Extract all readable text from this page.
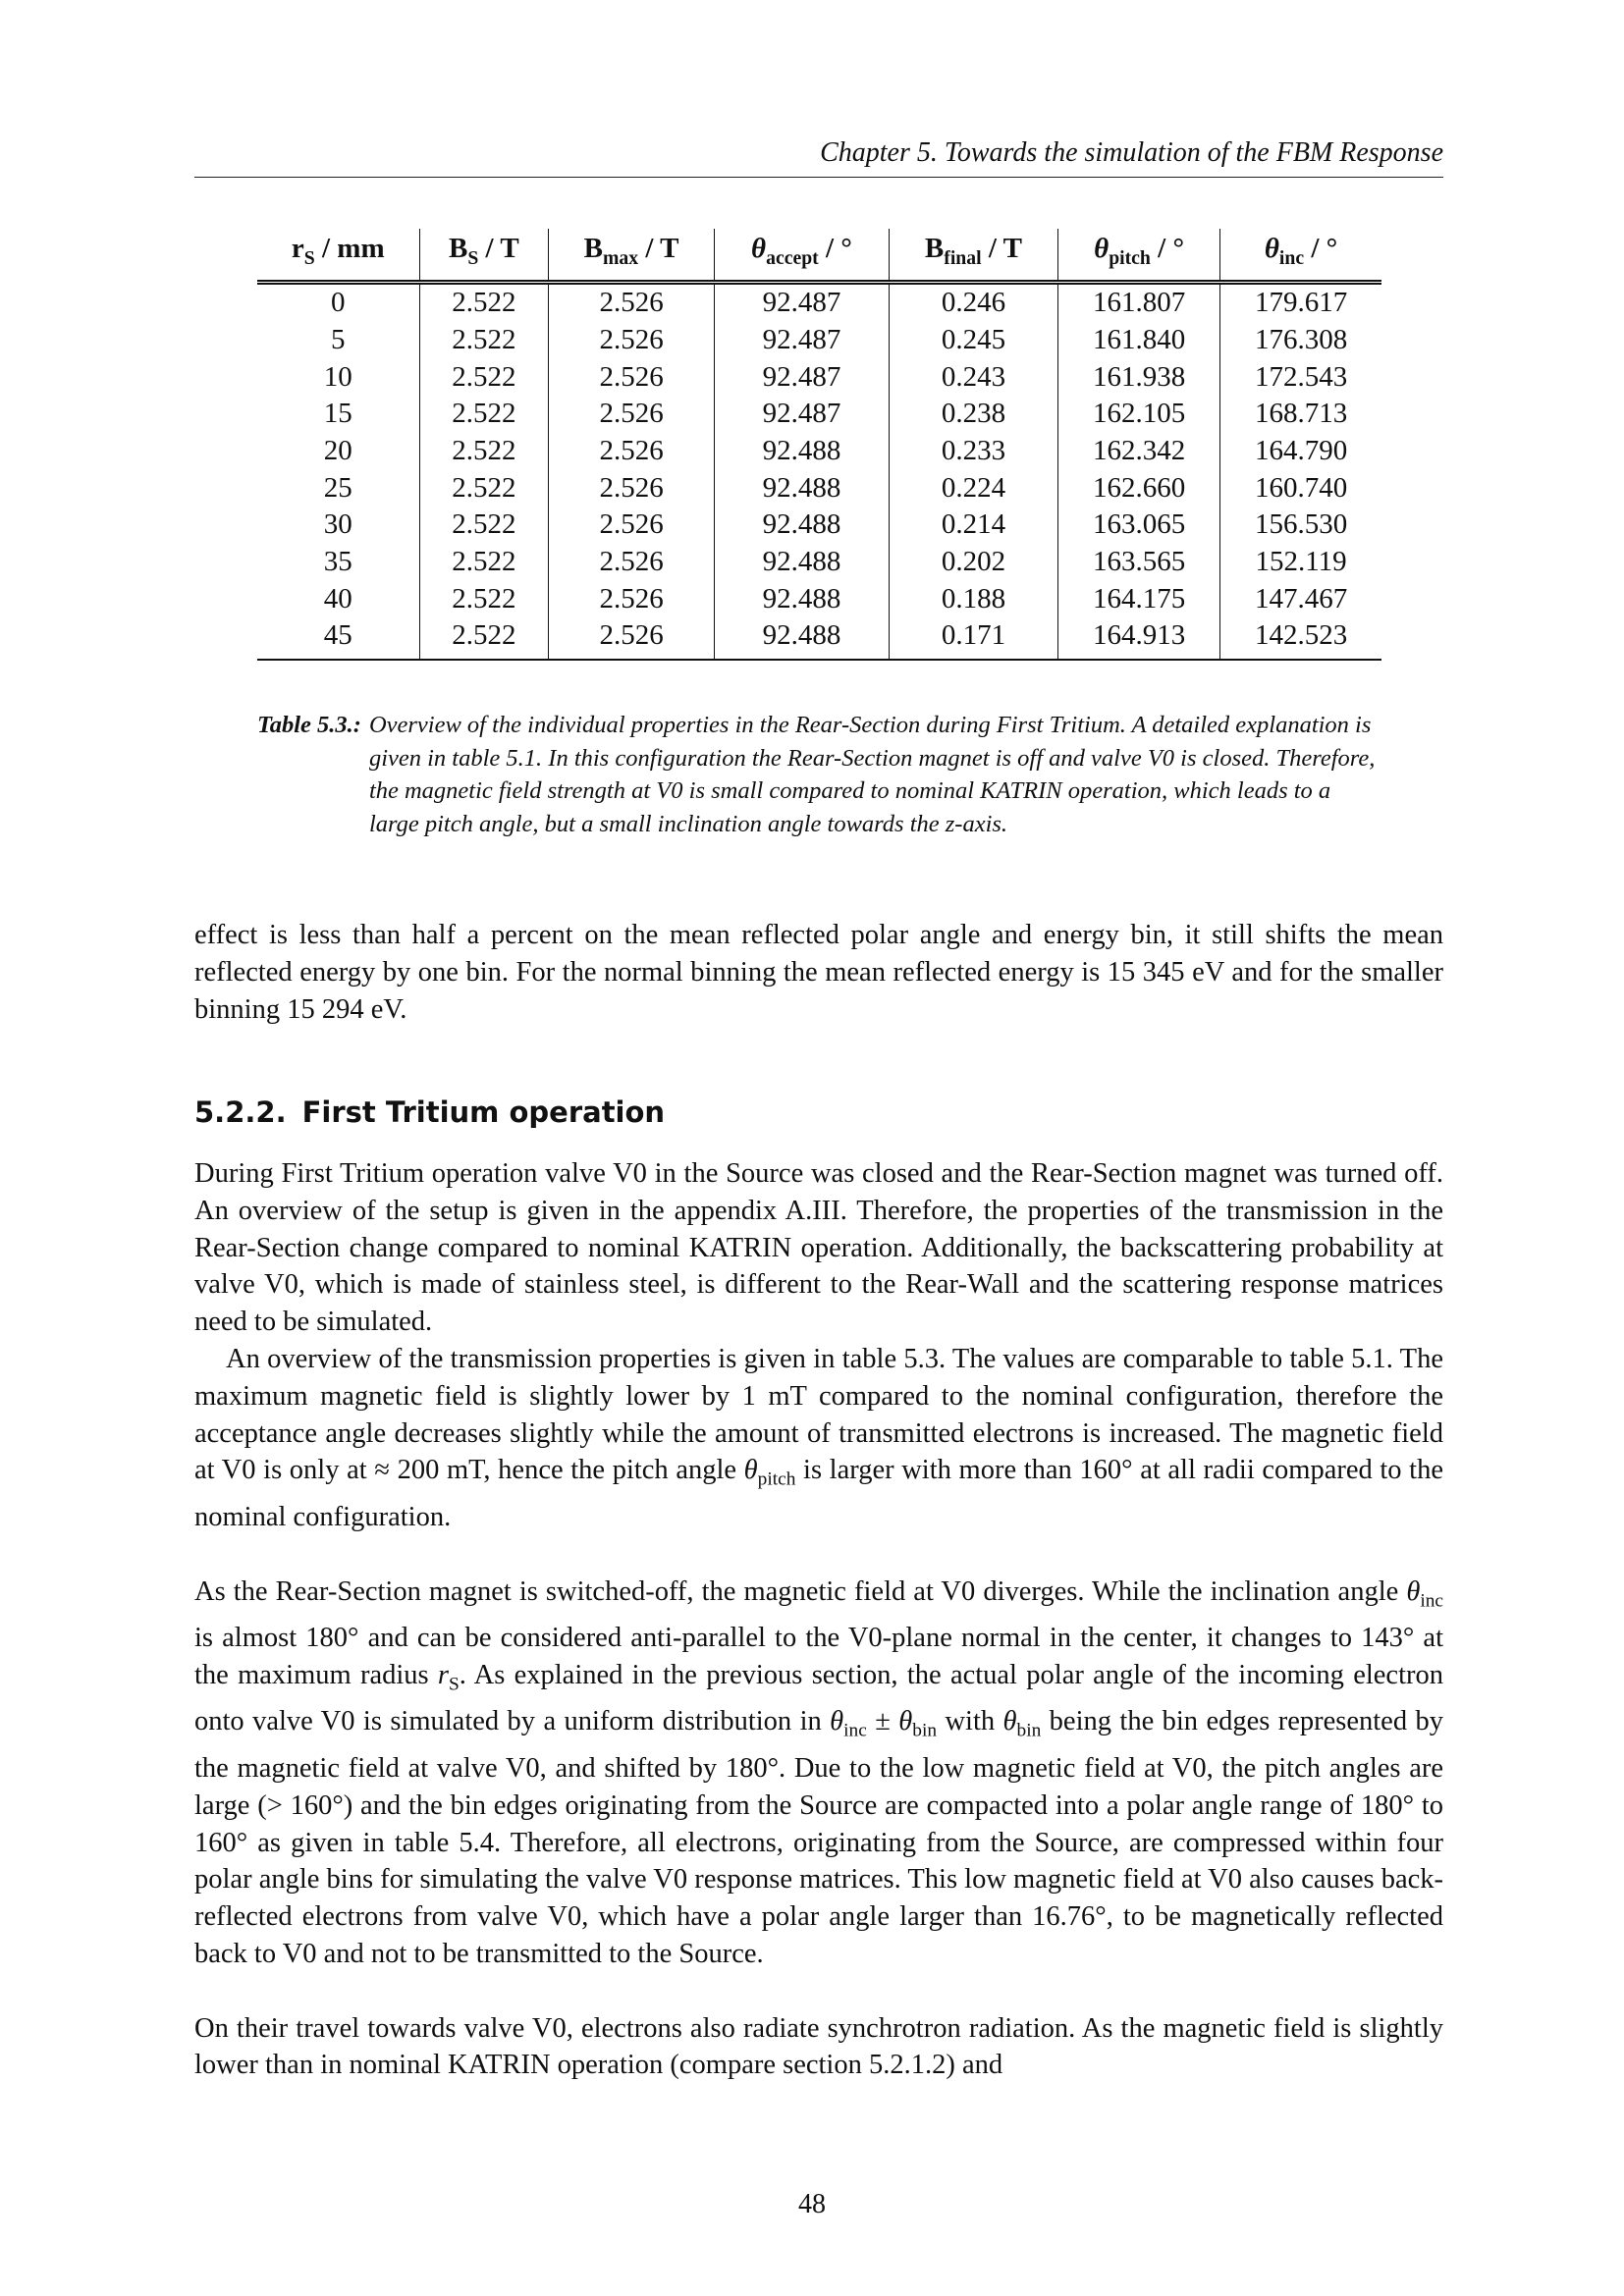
Chapter 5. Towards the simulation of the FBM Response
$r_S$ / mm	$B_S$ / T	$B_{max}$ / T	$\theta_{accept}$ / °	$B_{final}$ / T	$\theta_{pitch}$ / °	$\theta_{inc}$ / °
0	2.522	2.526	92.487	0.246	161.807	179.617
5	2.522	2.526	92.487	0.245	161.840	176.308
10	2.522	2.526	92.487	0.243	161.938	172.543
15	2.522	2.526	92.487	0.238	162.105	168.713
20	2.522	2.526	92.488	0.233	162.342	164.790
25	2.522	2.526	92.488	0.224	162.660	160.740
30	2.522	2.526	92.488	0.214	163.065	156.530
35	2.522	2.526	92.488	0.202	163.565	152.119
40	2.522	2.526	92.488	0.188	164.175	147.467
45	2.522	2.526	92.488	0.171	164.913	142.523
Table 5.3.: Overview of the individual properties in the Rear-Section during First Tritium. A detailed explanation is given in table 5.1. In this configuration the Rear-Section magnet is off and valve V0 is closed. Therefore, the magnetic field strength at V0 is small compared to nominal KATRIN operation, which leads to a large pitch angle, but a small inclination angle towards the z-axis.

effect is less than half a percent on the mean reflected polar angle and energy bin, it still shifts the mean reflected energy by one bin. For the normal binning the mean reflected energy is 15 345 eV and for the smaller binning 15 294 eV.

5.2.2. First Tritium operation

During First Tritium operation valve V0 in the Source was closed and the Rear-Section magnet was turned off. An overview of the setup is given in the appendix A.III. Therefore, the properties of the transmission in the Rear-Section change compared to nominal KATRIN operation. Additionally, the backscattering probability at valve V0, which is made of stainless steel, is different to the Rear-Wall and the scattering response matrices need to be simulated.

An overview of the transmission properties is given in table 5.3. The values are comparable to table 5.1. The maximum magnetic field is slightly lower by 1 mT compared to the nominal configuration, therefore the acceptance angle decreases slightly while the amount of transmitted electrons is increased. The magnetic field at V0 is only at ≈ 200 mT, hence the pitch angle $\theta_{pitch}$ is larger with more than 160° at all radii compared to the nominal configuration.

As the Rear-Section magnet is switched-off, the magnetic field at V0 diverges. While the inclination angle $\theta_{inc}$ is almost 180° and can be considered anti-parallel to the V0-plane normal in the center, it changes to 143° at the maximum radius $r_S$. As explained in the previous section, the actual polar angle of the incoming electron onto valve V0 is simulated by a uniform distribution in $\theta_{inc} \pm \theta_{bin}$ with $\theta_{bin}$ being the bin edges represented by the magnetic field at valve V0, and shifted by 180°. Due to the low magnetic field at V0, the pitch angles are large (> 160°) and the bin edges originating from the Source are compacted into a polar angle range of 180° to 160° as given in table 5.4. Therefore, all electrons, originating from the Source, are compressed within four polar angle bins for simulating the valve V0 response matrices. This low magnetic field at V0 also causes back-reflected electrons from valve V0, which have a polar angle larger than 16.76°, to be magnetically reflected back to V0 and not to be transmitted to the Source.

On their travel towards valve V0, electrons also radiate synchrotron radiation. As the magnetic field is slightly lower than in nominal KATRIN operation (compare section 5.2.1.2) and

48
